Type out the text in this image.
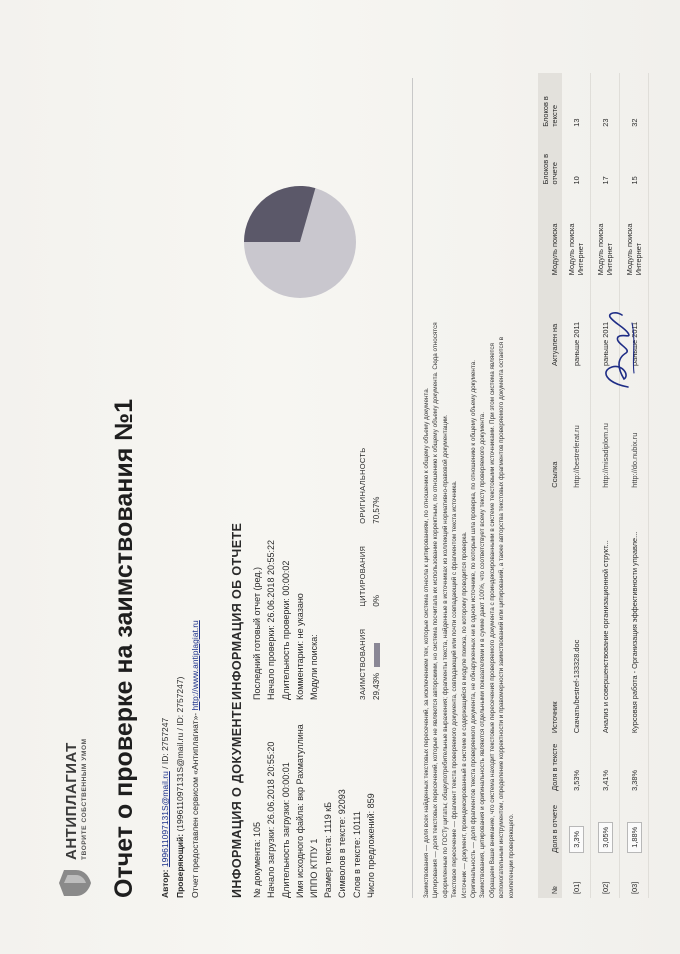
АНТИПЛАГИАТ ТВОРИТЕ СОБСТВЕННЫМ УМОМ Отчет о проверке на заимствования №1	Автор: 199611097131S@mail.ru / ID: 2757247
Проверяющий: (199611097131S@mail.ru / ID: 2757247) Отчет предоставлен сервисом «Антиплагиат»- http://www.antiplagiat.ru
ИНФОРМАЦИЯ О ДОКУМЕНТЕ № документа: 105 Начало загрузки: 26.06.2018 20:55:20 Длительность загрузки: 00:00:01 Имя исходного файла: вкр Рахматуллина ИППО КТПУ 1 Размер текста: 1119 кБ Символов в тексте: 92093 Слов в тексте: 10111 Число предложений: 859
ИНФОРМАЦИЯ ОБ ОТЧЕТЕ Последний готовый отчет (ред.) Начало проверки: 26.06.2018 20:55:22 Длительность проверки: 00:00:02 Комментарии: не указано Модули поиска:	ЗАИМСТВОВАНИЯ 29,43%
ЦИТИРОВАНИЯ 0%
ОРИГИНАЛЬНОСТЬ 70,57%	Заимствования — доля всех найденных текстовых пересечений, за исключением тех, которые система отнесла к цитированиям, по отношению к общему объему документа. Цитирования — доля текстовых пересечений, которые не являются авторскими, но система посчитала их использование корректным, по отношению к общему объему документа. Сюда относятся оформленные по ГОСТу цитаты; общеупотребительные выражения; фрагменты текста, найденные в источниках из коллекций нормативно-правовой документации. Текстовое пересечение — фрагмент текста проверяемого документа, совпадающий или почти совпадающий с фрагментом текста источника. Источник — документ, проиндексированный в системе и содержащийся в модуле поиска, по которому проводится проверка. Оригинальность — доля фрагментов текста проверяемого документа, не обнаруженных ни в одном источнике, по которым шла проверка, по отношению к общему объему документа. Заимствования, цитирования и оригинальность являются отдельными показателями и в сумме дают 100%, что соответствует всему тексту проверяемого документа. Обращаем Ваше внимание, что система находит текстовые пересечения проверяемого документа с проиндексированными в системе текстовыми источниками. При этом система является вспомогательным инструментом, определение корректности и правомерности заимствований или цитирований, а также авторства текстовых фрагментов проверяемого документа остается в компетенции проверяющего.	№	Доля в отчете	Доля в тексте	Источник	Ссылка	Актуален на	Модуль поиска	Блоков в отчете	Блоков в тексте
[01]	3,3%	3,53%	Скачать/bestref-133328.doc	http://bestreferat.ru	раньше 2011	Модуль поиска Интернет	10	13
[02]	3,05%	3,41%	Анализ и совершенствование организационной структ...	http://misadiplom.ru	раньше 2011	Модуль поиска Интернет	17	23
[03]	1,88%	3,38%	Курсовая работа - Организация эффективности управле...	http://do.nubix.ru	раньше 2011	Модуль поиска Интернет	15	32
